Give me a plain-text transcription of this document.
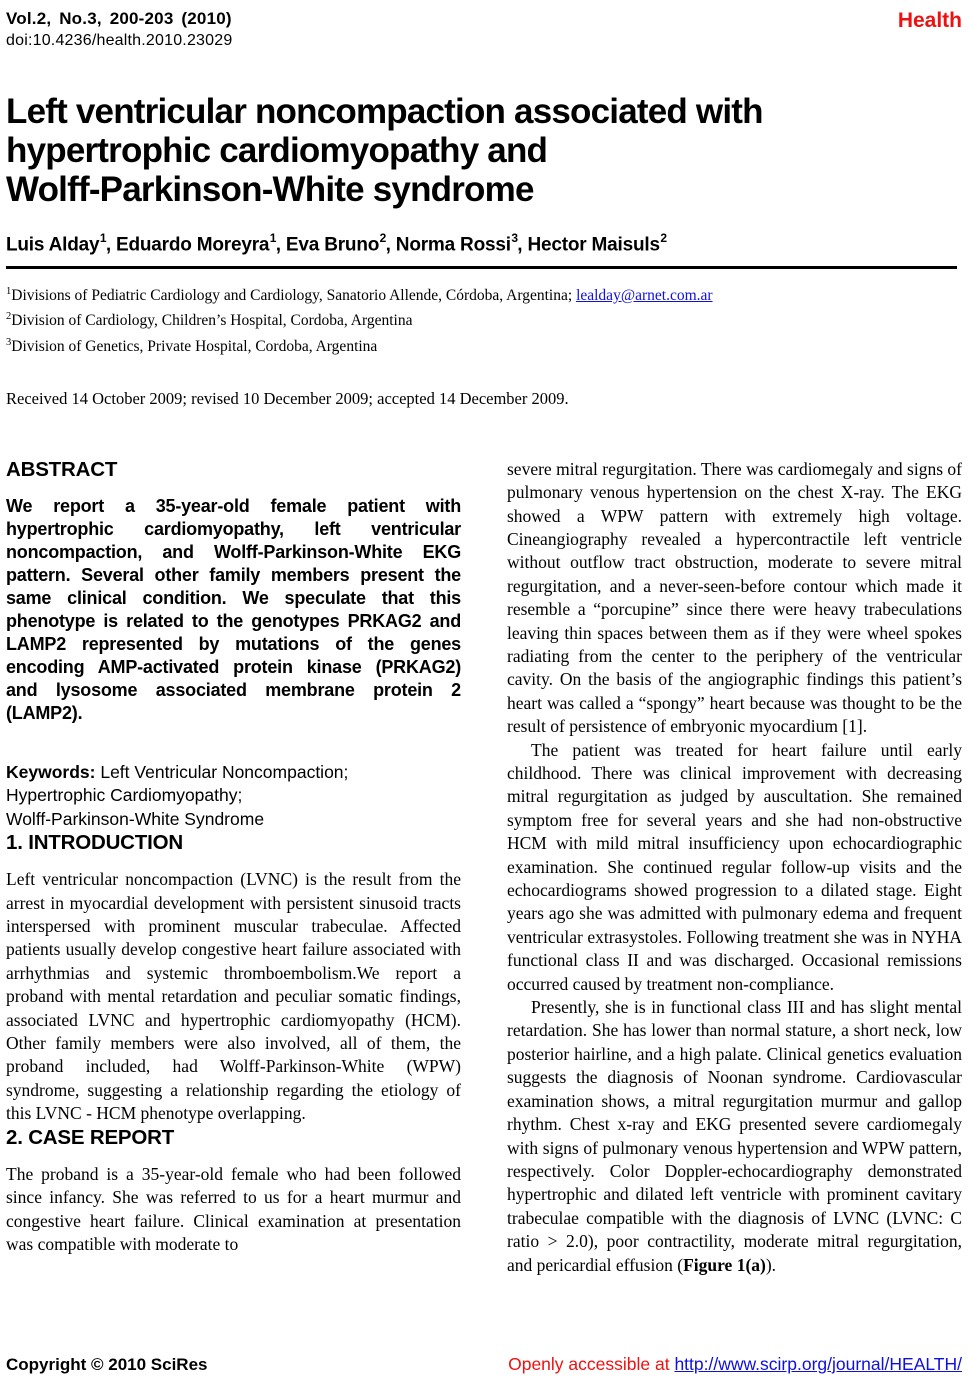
Vol.2, No.3, 200-203 (2010)
doi:10.4236/health.2010.23029
Health
Left ventricular noncompaction associated with
hypertrophic cardiomyopathy and
Wolff-Parkinson-White syndrome
Luis Alday$^1$, Eduardo Moreyra$^1$, Eva Bruno$^2$, Norma Rossi$^3$, Hector Maisuls$^2$
$^1$Divisions of Pediatric Cardiology and Cardiology, Sanatorio Allende, Córdoba, Argentina; lealday@arnet.com.ar
$^2$Division of Cardiology, Children’s Hospital, Cordoba, Argentina
$^3$Division of Genetics, Private Hospital, Cordoba, Argentina
Received 14 October 2009; revised 10 December 2009; accepted 14 December 2009.
ABSTRACT

We report a 35-year-old female patient with hypertrophic cardiomyopathy, left ventricular noncompaction, and Wolff-Parkinson-White EKG pattern. Several other family members present the same clinical condition. We speculate that this phenotype is related to the genotypes PRKAG2 and LAMP2 represented by mutations of the genes encoding AMP-activated protein kinase (PRKAG2) and lysosome associated membrane protein 2 (LAMP2).

Keywords: Left Ventricular Noncompaction;
Hypertrophic Cardiomyopathy;
Wolff-Parkinson-White Syndrome

1. INTRODUCTION

Left ventricular noncompaction (LVNC) is the result from the arrest in myocardial development with persistent sinusoid tracts interspersed with prominent muscular trabeculae. Affected patients usually develop congestive heart failure associated with arrhythmias and systemic thromboembolism.We report a proband with mental retardation and peculiar somatic findings, associated LVNC and hypertrophic cardiomyopathy (HCM). Other family members were also involved, all of them, the proband included, had Wolff-Parkinson-White (WPW) syndrome, suggesting a relationship regarding the etiology of this LVNC - HCM phenotype overlapping.

2. CASE REPORT

The proband is a 35-year-old female who had been followed since infancy. She was referred to us for a heart murmur and congestive heart failure. Clinical examination at presentation was compatible with moderate to

severe mitral regurgitation. There was cardiomegaly and signs of pulmonary venous hypertension on the chest X-ray. The EKG showed a WPW pattern with extremely high voltage. Cineangiography revealed a hypercontractile left ventricle without outflow tract obstruction, moderate to severe mitral regurgitation, and a never-seen-before contour which made it resemble a “porcupine” since there were heavy trabeculations leaving thin spaces between them as if they were wheel spokes radiating from the center to the periphery of the ventricular cavity. On the basis of the angiographic findings this patient’s heart was called a “spongy” heart because was thought to be the result of persistence of embryonic myocardium [1].

The patient was treated for heart failure until early childhood. There was clinical improvement with decreasing mitral regurgitation as judged by auscultation. She remained symptom free for several years and she had non-obstructive HCM with mild mitral insufficiency upon echocardiographic examination. She continued regular follow-up visits and the echocardiograms showed progression to a dilated stage. Eight years ago she was admitted with pulmonary edema and frequent ventricular extrasystoles. Following treatment she was in NYHA functional class II and was discharged. Occasional remissions occurred caused by treatment non-compliance.

Presently, she is in functional class III and has slight mental retardation. She has lower than normal stature, a short neck, low posterior hairline, and a high palate. Clinical genetics evaluation suggests the diagnosis of Noonan syndrome. Cardiovascular examination shows, a mitral regurgitation murmur and gallop rhythm. Chest x-ray and EKG presented severe cardiomegaly with signs of pulmonary venous hypertension and WPW pattern, respectively. Color Doppler-echocardiography demonstrated hypertrophic and dilated left ventricle with prominent cavitary trabeculae compatible with the diagnosis of LVNC (LVNC: C ratio > 2.0), poor contractility, moderate mitral regurgitation, and pericardial effusion (Figure 1(a)).

Copyright © 2010 SciRes	Openly accessible at http://www.scirp.org/journal/HEALTH/
